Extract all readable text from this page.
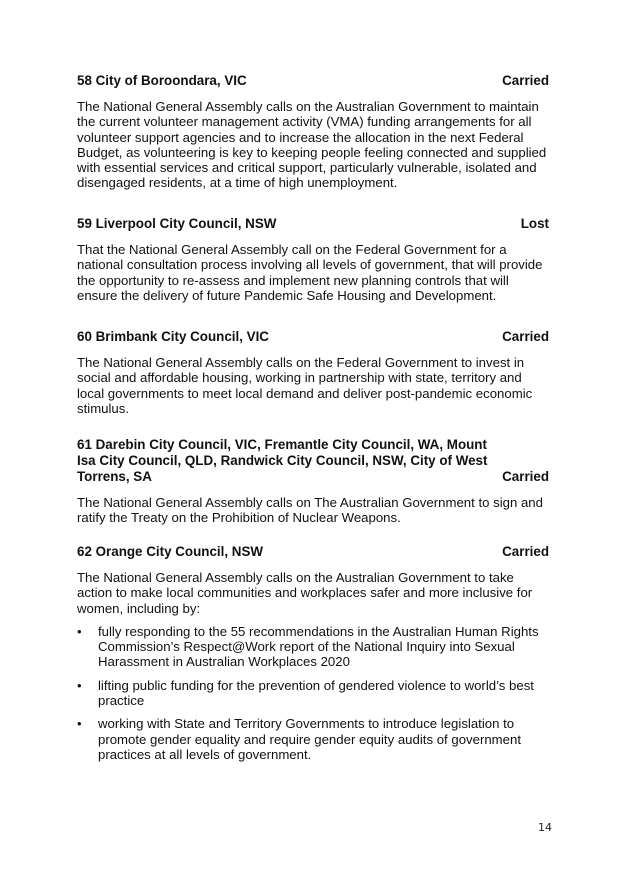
58 City of Boroondara, VIC	Carried
The National General Assembly calls on the Australian Government to maintain the current volunteer management activity (VMA) funding arrangements for all volunteer support agencies and to increase the allocation in the next Federal Budget, as volunteering is key to keeping people feeling connected and supplied with essential services and critical support, particularly vulnerable, isolated and disengaged residents, at a time of high unemployment.
59 Liverpool City Council, NSW	Lost
That the National General Assembly call on the Federal Government for a national consultation process involving all levels of government, that will provide the opportunity to re-assess and implement new planning controls that will ensure the delivery of future Pandemic Safe Housing and Development.
60 Brimbank City Council, VIC	Carried
The National General Assembly calls on the Federal Government to invest in social and affordable housing, working in partnership with state, territory and local governments to meet local demand and deliver post-pandemic economic stimulus.
61 Darebin City Council, VIC, Fremantle City Council, WA, Mount Isa City Council, QLD, Randwick City Council, NSW, City of West Torrens, SA	Carried
The National General Assembly calls on The Australian Government to sign and ratify the Treaty on the Prohibition of Nuclear Weapons.
62 Orange City Council, NSW	Carried
The National General Assembly calls on the Australian Government to take action to make local communities and workplaces safer and more inclusive for women, including by:
• fully responding to the 55 recommendations in the Australian Human Rights Commission’s Respect@Work report of the National Inquiry into Sexual Harassment in Australian Workplaces 2020
• lifting public funding for the prevention of gendered violence to world’s best practice
• working with State and Territory Governments to introduce legislation to promote gender equality and require gender equity audits of government practices at all levels of government.
14
